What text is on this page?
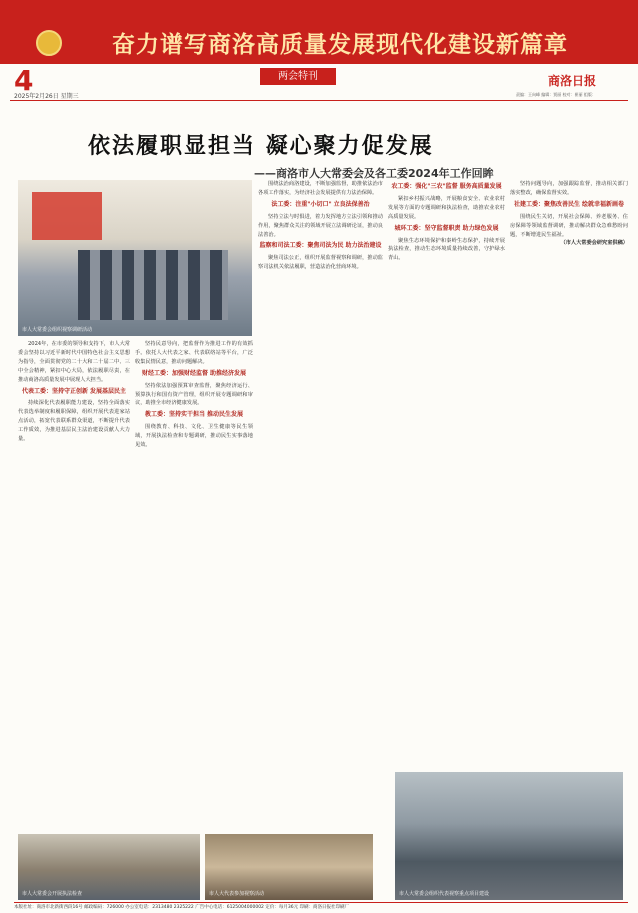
奋力谱写商洛高质量发展现代化建设新篇章
4	两会特刊
2025年2月26日 星期三
商洛日报
责编：王向峰 编辑：贾丽 校对：崔丽 组版：
依法履职显担当 凝心聚力促发展
——商洛市人大常委会及各工委2024年工作回眸
市人大常委会组织视察调研活动

2024年，在市委的领导和支持下，市人大常委会坚持以习近平新时代中国特色社会主义思想为指导，全面贯彻党的二十大和二十届二中、三中全会精神，紧扣中心大局，依法履职尽责，在推动商洛高质量发展中展现人大担当。

代表工委：坚持守正创新 发展基层民主

持续深化代表履职能力建设，坚持全面落实代表选举制度和履职保障，组织开展代表进家站点活动，拓宽代表联系群众渠道，不断提升代表工作质效，为推进基层民主法治建设贡献人大力量。

坚持民意导向，把监督作为推进工作的有效抓手。依托人大代表之家、代表联络站等平台，广泛收集民情民意，推动问题解决。

财经工委：加强财经监督 助推经济发展

坚持依法加强预算审查监督，聚焦经济运行、预算执行和国有资产管理，组织开展专题调研和审议，助推全市经济健康发展。

教工委：坚持实干担当 推动民生发展

围绕教育、科技、文化、卫生健康等民生领域，开展执法检查和专题调研，推动民生实事落地见效。

围绕法治商洛建设，不断加强监督，助推依法治市各项工作落实，为经济社会发展提供有力法治保障。

法工委：注重"小切口" 立良法保善治

坚持立法与时俱进，着力发挥地方立法引领和推动作用，聚焦群众关注的领域开展立法调研论证，推动良法善治。

监察和司法工委：聚焦司法为民 助力法治建设

聚焦司法公正，组织开展监督视察和调研，推动监察司法机关依法履职，营造法治化营商环境。

农工委：强化"三农"监督 服务高质量发展

紧扣乡村振兴战略，开展粮食安全、农业农村发展等方面的专题调研和执法检查，助推农业农村高质量发展。

城环工委：坚守监督职责 助力绿色发展

聚焦生态环境保护和秦岭生态保护，持续开展执法检查，推动生态环境质量持续改善，守护绿水青山。

坚持问题导向，加强跟踪监督，推动相关部门落实整改，确保监督实效。

社建工委：聚焦改善民生 绘就幸福新画卷

围绕民生关切，开展社会保障、养老服务、住房保障等领域监督调研，推动解决群众急难愁盼问题，不断增进民生福祉。

（市人大常委会研究室供稿）

市人大常委会开展执法检查	市人大代表参加视察活动	市人大常委会组织代表视察重点项目建设
本版社址：商洛市北新街西段16号 邮政编码：726000 办公室电话：2313480 2325222 广告中心电话：6125004000002 定价：每月36元 印刷：商洛日报社印刷厂
